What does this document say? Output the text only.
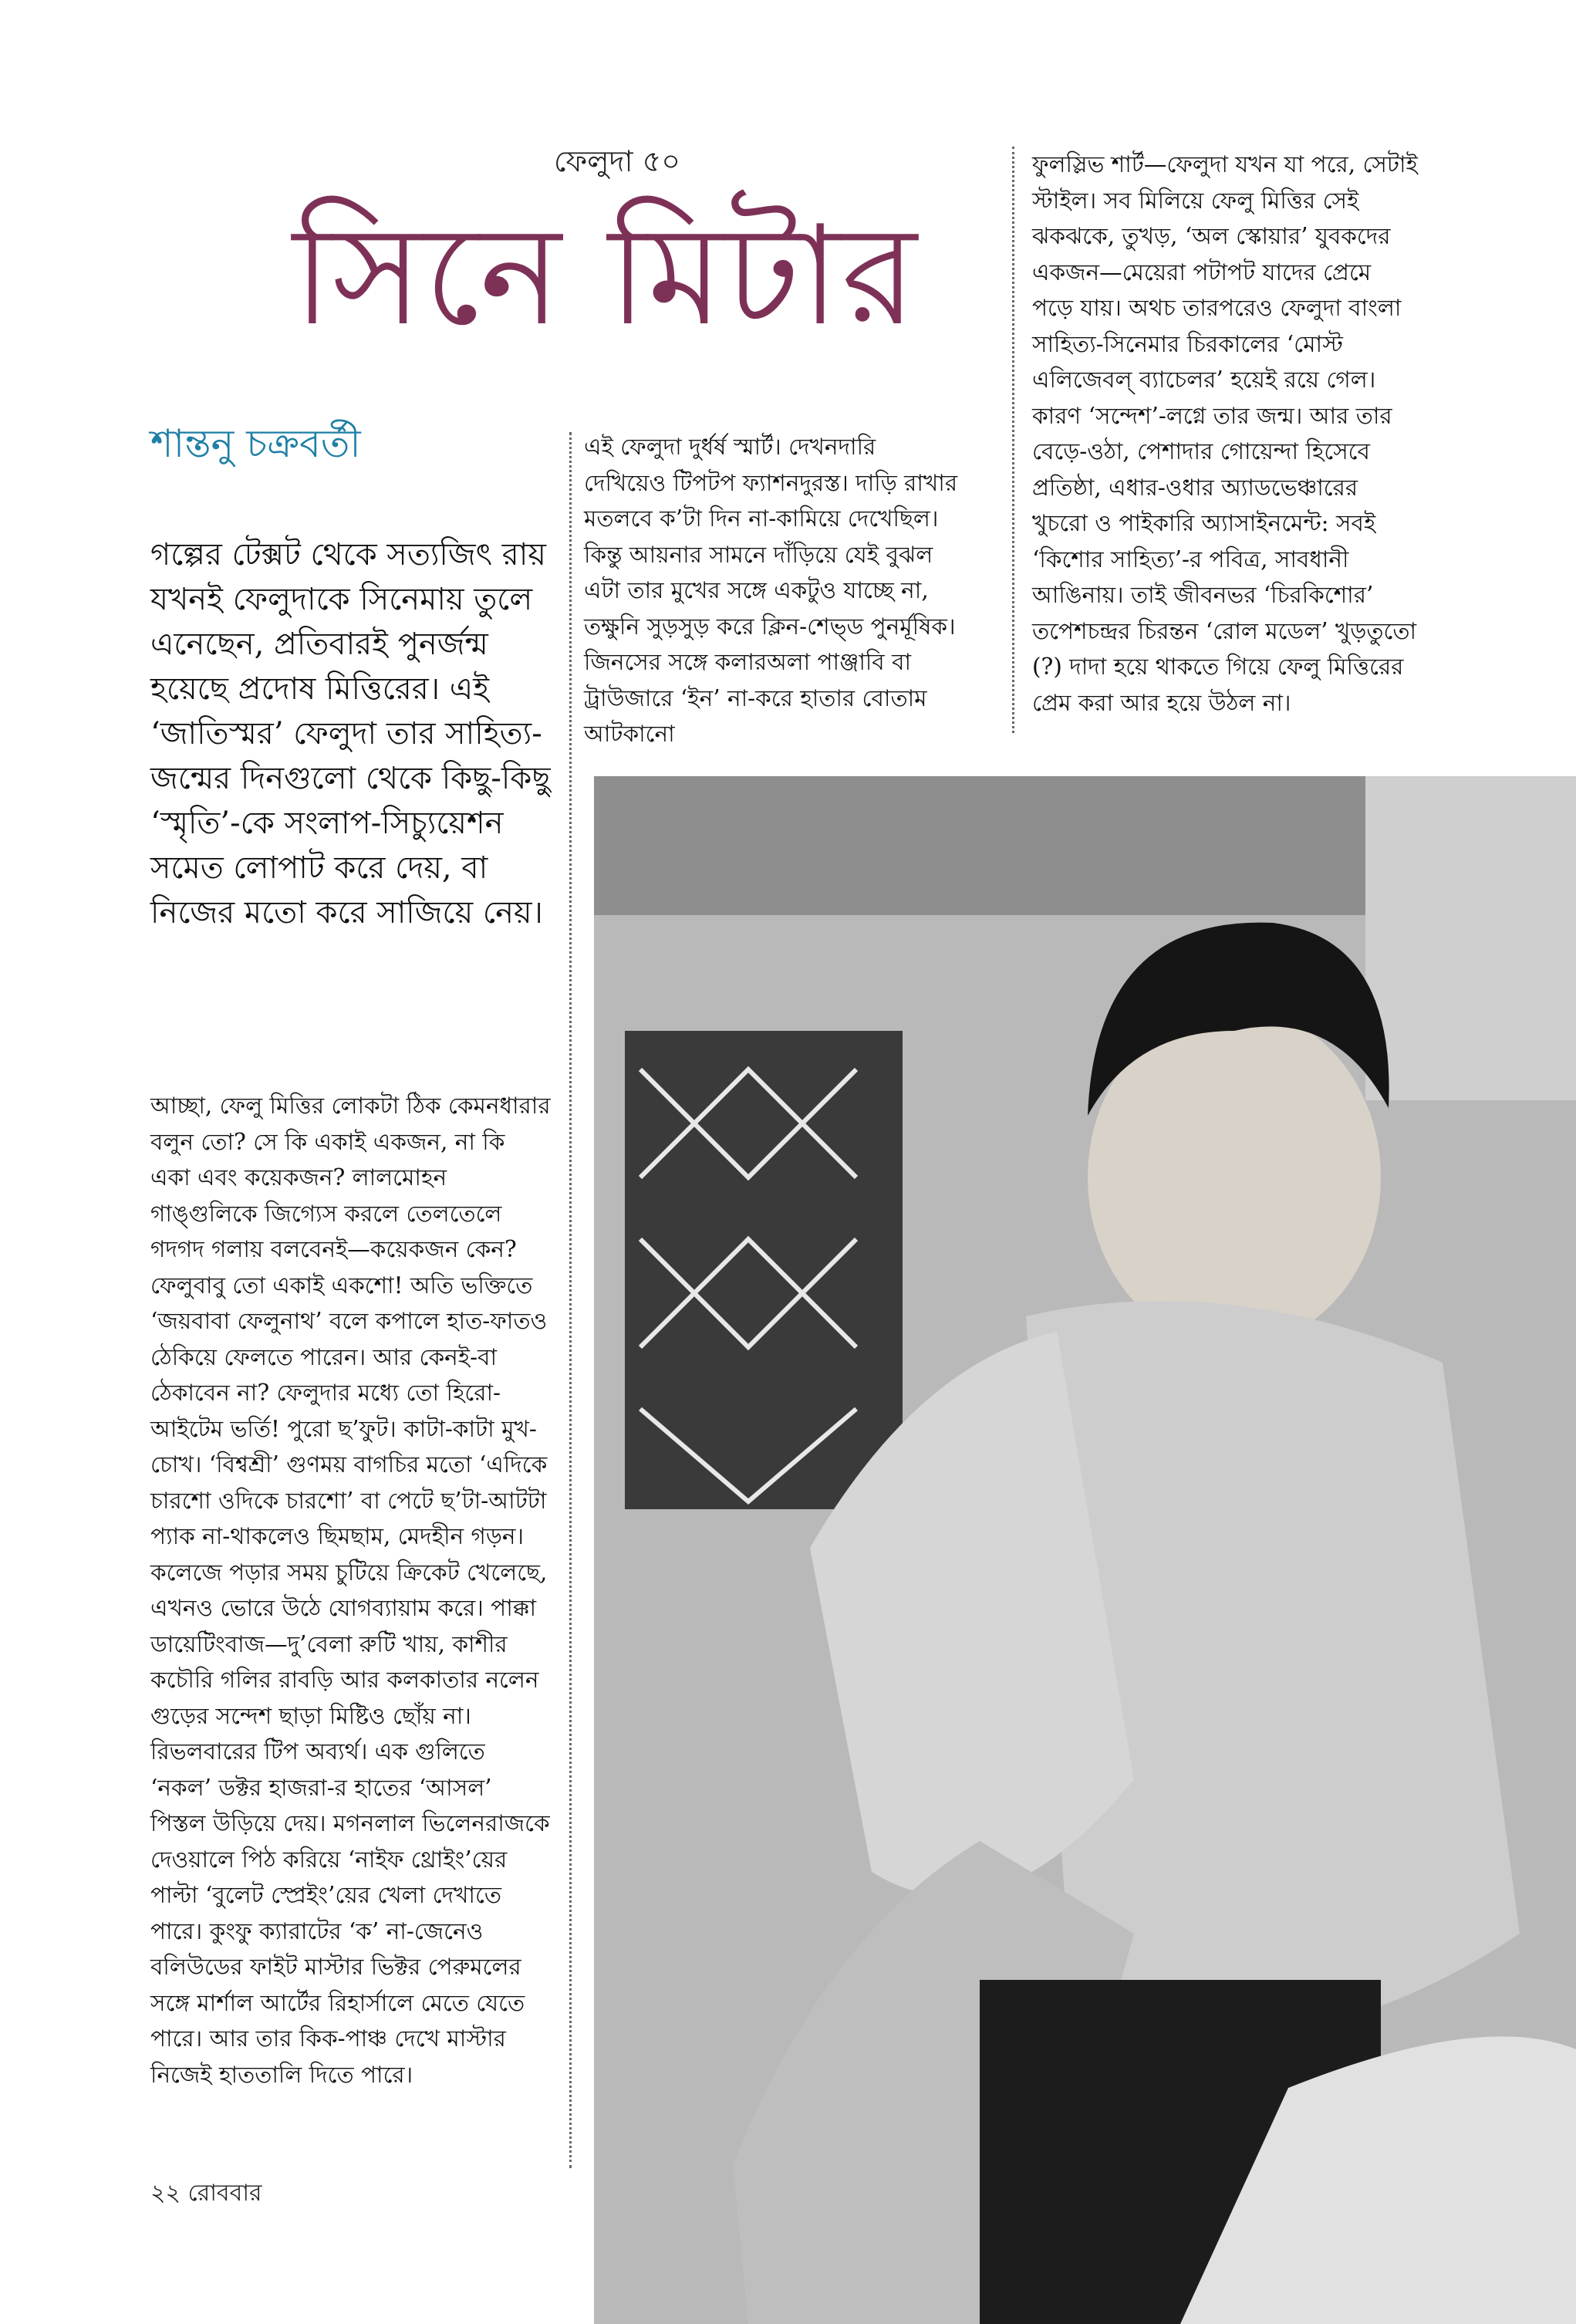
ফেলুদা ৫০
সিনে মিটার
শান্তনু চক্রবর্তী

গল্পের টেক্সট থেকে সত্যজিৎ রায় যখনই ফেলুদাকে সিনেমায় তুলে এনেছেন, প্রতিবারই পুনর্জন্ম হয়েছে প্রদোষ মিত্তিরের। এই ‘জাতিস্মর’ ফেলুদা তার সাহিত্য-জন্মের দিনগুলো থেকে কিছু-কিছু ‘স্মৃতি’-কে সংলাপ-সিচ্যুয়েশন সমেত লোপাট করে দেয়, বা নিজের মতো করে সাজিয়ে নেয়।

আচ্ছা, ফেলু মিত্তির লোকটা ঠিক কেমনধারার বলুন তো? সে কি একাই একজন, না কি একা এবং কয়েকজন? লালমোহন গাঙ্গুলিকে জিগ্যেস করলে তেলতেলে গদগদ গলায় বলবেনই—কয়েকজন কেন? ফেলুবাবু তো একাই একশো! অতি ভক্তিতে ‘জয়বাবা ফেলুনাথ’ বলে কপালে হাত-ফাতও ঠেকিয়ে ফেলতে পারেন। আর কেনই-বা ঠেকাবেন না? ফেলুদার মধ্যে তো হিরো-আইটেম ভর্তি! পুরো ছ’ফুট। কাটা-কাটা মুখ-চোখ। ‘বিশ্বশ্রী’ গুণময় বাগচির মতো ‘এদিকে চারশো ওদিকে চারশো’ বা পেটে ছ’টা-আটটা প্যাক না-থাকলেও ছিমছাম, মেদহীন গড়ন। কলেজে পড়ার সময় চুটিয়ে ক্রিকেট খেলেছে, এখনও ভোরে উঠে যোগব্যায়াম করে। পাক্কা ডায়েটিংবাজ—দু’বেলা রুটি খায়, কাশীর কচৌরি গলির রাবড়ি আর কলকাতার নলেন গুড়ের সন্দেশ ছাড়া মিষ্টিও ছোঁয় না। রিভলবারের টিপ অব্যর্থ। এক গুলিতে ‘নকল’ ডক্টর হাজরা-র হাতের ‘আসল’ পিস্তল উড়িয়ে দেয়। মগনলাল ভিলেনরাজকে দেওয়ালে পিঠ করিয়ে ‘নাইফ থ্রোইং’য়ের পাল্টা ‘বুলেট স্প্রেইং’য়ের খেলা দেখাতে পারে। কুংফু ক্যারাটের ‘ক’ না-জেনেও বলিউডের ফাইট মাস্টার ভিক্টর পেরুমলের সঙ্গে মার্শাল আর্টের রিহার্সালে মেতে যেতে পারে। আর তার কিক-পাঞ্চ দেখে মাস্টার নিজেই হাততালি দিতে পারে।

এই ফেলুদা দুর্ধর্ষ স্মার্ট। দেখনদারি দেখিয়েও টিপটপ ফ্যাশনদুরস্ত। দাড়ি রাখার মতলবে ক’টা দিন না-কামিয়ে দেখেছিল। কিন্তু আয়নার সামনে দাঁড়িয়ে যেই বুঝল এটা তার মুখের সঙ্গে একটুও যাচ্ছে না, তক্ষুনি সুড়সুড় করে ক্লিন-শেভ্ড পুনর্মূষিক। জিনসের সঙ্গে কলারঅলা পাঞ্জাবি বা ট্রাউজারে ‘ইন’ না-করে হাতার বোতাম আটকানো

ফুলস্লিভ শার্ট—ফেলুদা যখন যা পরে, সেটাই স্টাইল। সব মিলিয়ে ফেলু মিত্তির সেই ঝকঝকে, তুখড়, ‘অল স্কোয়ার’ যুবকদের একজন—মেয়েরা পটাপট যাদের প্রেমে পড়ে যায়। অথচ তারপরেও ফেলুদা বাংলা সাহিত্য-সিনেমার চিরকালের ‘মোস্ট এলিজেবল্ ব্যাচেলর’ হয়েই রয়ে গেল। কারণ ‘সন্দেশ’-লগ্নে তার জন্ম। আর তার বেড়ে-ওঠা, পেশাদার গোয়েন্দা হিসেবে প্রতিষ্ঠা, এধার-ওধার অ্যাডভেঞ্চারের খুচরো ও পাইকারি অ্যাসাইনমেন্ট: সবই ‘কিশোর সাহিত্য’-র পবিত্র, সাবধানী আঙিনায়। তাই জীবনভর ‘চিরকিশোর’ তপেশচন্দ্রর চিরন্তন ‘রোল মডেল’ খুড়তুতো (?) দাদা হয়ে থাকতে গিয়ে ফেলু মিত্তিরের প্রেম করা আর হয়ে উঠল না।

২২ রোববার
